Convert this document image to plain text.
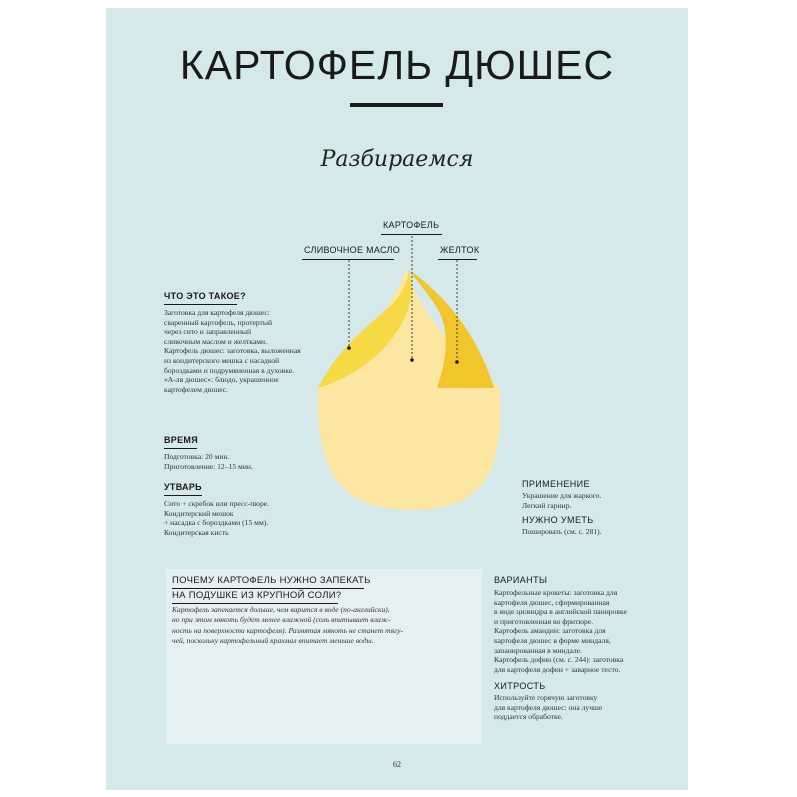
КАРТОФЕЛЬ ДЮШЕС
Разбираемся
КАРТОФЕЛЬ
СЛИВОЧНОЕ МАСЛО	ЖЕЛТОК
ЧТО ЭТО ТАКОЕ?
Заготовка для картофеля дюшес:
сваренный картофель, протертый
через сито и заправленный
сливочным маслом и желтками.
Картофель дюшес: заготовка, выложенная
из кондитерского мешка с насадкой
бороздками и подрумяненная в духовке.
«А-ля дюшес»: блюдо, украшенное
картофелем дюшес.
ВРЕМЯ
Подготовка: 20 мин.
Приготовление: 12–15 мин.
УТВАРЬ
Сито + скребок или пресс-пюре.
Кондитерский мешок
+ насадка с бороздками (15 мм).
Кондитерская кисть
ПРИМЕНЕНИЕ
Украшение для жаркого.
Легкий гарнир.
НУЖНО УМЕТЬ
Пошировать (см. с. 281).
ПОЧЕМУ КАРТОФЕЛЬ НУЖНО ЗАПЕКАТЬ
НА ПОДУШКЕ ИЗ КРУПНОЙ СОЛИ?
Картофель запекается дольше, чем варится в воде (по-английски),
но при этом мякоть будет менее влажной (соль впитывает влаж-
ность на поверхности картофеля). Размятая мякоть не станет тягу-
чей, поскольку картофельный крахмал впитает меньше воды.
ВАРИАНТЫ
Картофельные крокеты: заготовка для
картофеля дюшес, сформированная
в виде цилиндра в английской панировке
и приготовленная во фритюре.
Картофель амандин: заготовка для
картофеля дюшес в форме миндаля,
запанированная в миндале.
Картофель дофин (см. с. 244): заготовка
для картофеля дофин + заварное тесто.
ХИТРОСТЬ
Используйте горячую заготовку
для картофеля дюшес: она лучше
поддается обработке.
62
